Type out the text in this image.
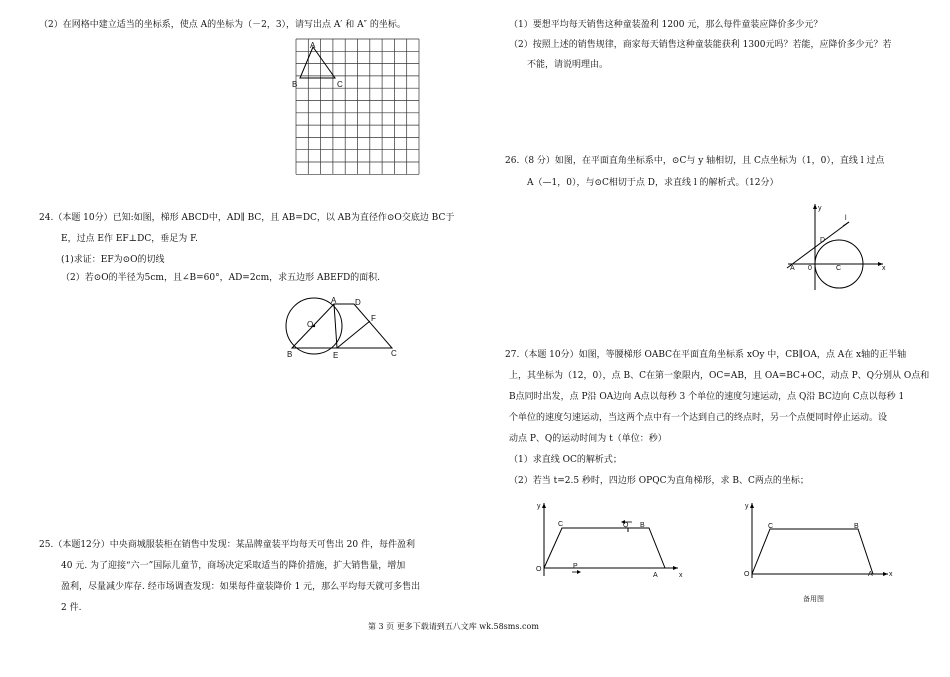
（2）在网格中建立适当的坐标系，使点 A的坐标为（－2，3），请写出点 A′ 和 A″ 的坐标。
A
B	C
24.（本题 10分）已知:如图，梯形 ABCD中，AD∥ BC，且 AB=DC，以 AB为直径作⊙O交底边 BC于
E，过点 E作 EF⊥DC，垂足为 F.
(1)求证：EF为⊙O的切线
（2）若⊙O的半径为5cm，且∠B=60°，AD=2cm，求五边形 ABEFD的面积.
A D
O
F
B	E	C
25.（本题12分）中央商城服装柜在销售中发现：某品牌童装平均每天可售出 20 件，每件盈利
40 元. 为了迎接“六一”国际儿童节，商场决定采取适当的降价措施，扩大销售量，增加
盈利，尽量减少库存. 经市场调查发现：如果每件童装降价 1 元，那么平均每天就可多售出
2 件.
（1）要想平均每天销售这种童装盈利 1200 元，那么每件童装应降价多少元？
（2）按照上述的销售规律，商家每天销售这种童装能获利 1300元吗？若能，应降价多少元？若
不能，请说明理由。
26.（8 分）如图，在平面直角坐标系中，⊙C与 y 轴相切，且 C点坐标为（1，0），直线 l 过点
A（—1，0），与⊙C相切于点 D，求直线 l 的解析式。（12分）
y
l
D
A 0	C	x
27.（本题 10分）如图，等腰梯形 OABC在平面直角坐标系 xOy 中，CB∥OA，点 A在 x轴的正半轴
上，其坐标为（12，0），点 B、C在第一象限内，OC=AB，且 OA=BC+OC，动点 P、Q分别从 O点和
B点同时出发，点 P沿 OA边向 A点以每秒 3 个单位的速度匀速运动，点 Q沿 BC边向 C点以每秒 1
个单位的速度匀速运动，当这两个点中有一个达到自己的终点时，另一个点便同时停止运动。设
动点 P、Q的运动时间为 t（单位：秒）
（1）求直线 OC的解析式；
（2）若当 t=2.5 秒时，四边形 OPQC为直角梯形，求 B、C两点的坐标；
y
C	Q B
O	P
A	x
y
C	B
O	A x
备用图
第 3 页 更多下载请到五八文库 wk.58sms.com
